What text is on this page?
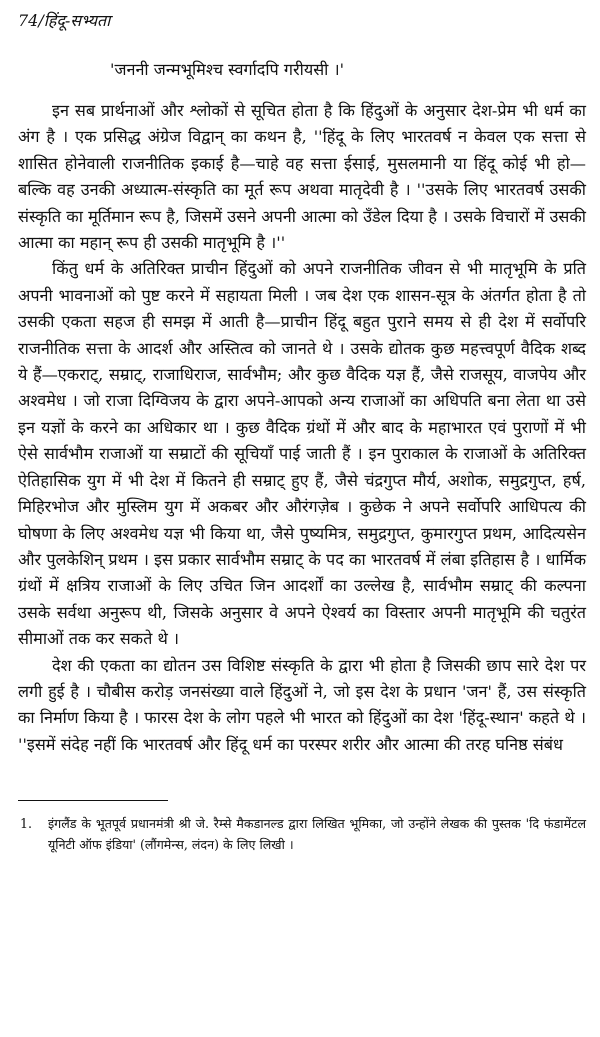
74/हिंदू-सभ्यता

'जननी जन्मभूमिश्च स्वर्गादपि गरीयसी ।'

इन सब प्रार्थनाओं और श्लोकों से सूचित होता है कि हिंदुओं के अनुसार देश-प्रेम भी धर्म का अंग है । एक प्रसिद्ध अंग्रेज विद्वान् का कथन है, ''हिंदू के लिए भारतवर्ष न केवल एक सत्ता से शासित होनेवाली राजनीतिक इकाई है—चाहे वह सत्ता ईसाई, मुसलमानी या हिंदू कोई भी हो—बल्कि वह उनकी अध्यात्म-संस्कृति का मूर्त रूप अथवा मातृदेवी है । ''उसके लिए भारतवर्ष उसकी संस्कृति का मूर्तिमान रूप है, जिसमें उसने अपनी आत्मा को उँडेल दिया है । उसके विचारों में उसकी आत्मा का महान् रूप ही उसकी मातृभूमि है ।''

किंतु धर्म के अतिरिक्त प्राचीन हिंदुओं को अपने राजनीतिक जीवन से भी मातृभूमि के प्रति अपनी भावनाओं को पुष्ट करने में सहायता मिली । जब देश एक शासन-सूत्र के अंतर्गत होता है तो उसकी एकता सहज ही समझ में आती है—प्राचीन हिंदू बहुत पुराने समय से ही देश में सर्वोपरि राजनीतिक सत्ता के आदर्श और अस्तित्व को जानते थे । उसके द्योतक कुछ महत्त्वपूर्ण वैदिक शब्द ये हैं—एकराट्, सम्राट्, राजाधिराज, सार्वभौम; और कुछ वैदिक यज्ञ हैं, जैसे राजसूय, वाजपेय और अश्वमेध । जो राजा दिग्विजय के द्वारा अपने-आपको अन्य राजाओं का अधिपति बना लेता था उसे इन यज्ञों के करने का अधिकार था । कुछ वैदिक ग्रंथों में और बाद के महाभारत एवं पुराणों में भी ऐसे सार्वभौम राजाओं या सम्राटों की सूचियाँ पाई जाती हैं । इन पुराकाल के राजाओं के अतिरिक्त ऐतिहासिक युग में भी देश में कितने ही सम्राट् हुए हैं, जैसे चंद्रगुप्त मौर्य, अशोक, समुद्रगुप्त, हर्ष, मिहिरभोज और मुस्लिम युग में अकबर और औरंगज़ेब । कुछेक ने अपने सर्वोपरि आधिपत्य की घोषणा के लिए अश्वमेध यज्ञ भी किया था, जैसे पुष्यमित्र, समुद्रगुप्त, कुमारगुप्त प्रथम, आदित्यसेन और पुलकेशिन् प्रथम । इस प्रकार सार्वभौम सम्राट् के पद का भारतवर्ष में लंबा इतिहास है । धार्मिक ग्रंथों में क्षत्रिय राजाओं के लिए उचित जिन आदर्शों का उल्लेख है, सार्वभौम सम्राट् की कल्पना उसके सर्वथा अनुरूप थी, जिसके अनुसार वे अपने ऐश्वर्य का विस्तार अपनी मातृभूमि की चतुरंत सीमाओं तक कर सकते थे ।

देश की एकता का द्योतन उस विशिष्ट संस्कृति के द्वारा भी होता है जिसकी छाप सारे देश पर लगी हुई है । चौबीस करोड़ जनसंख्या वाले हिंदुओं ने, जो इस देश के प्रधान 'जन' हैं, उस संस्कृति का निर्माण किया है । फारस देश के लोग पहले भी भारत को हिंदुओं का देश 'हिंदू-स्थान' कहते थे । ''इसमें संदेह नहीं कि भारतवर्ष और हिंदू धर्म का परस्पर शरीर और आत्मा की तरह घनिष्ठ संबंध

1. इंगलैंड के भूतपूर्व प्रधानमंत्री श्री जे. रैम्से मैकडानल्ड द्वारा लिखित भूमिका, जो उन्होंने लेखक की पुस्तक 'दि फंडामेंटल यूनिटी ऑफ इंडिया' (लौंगमेन्स, लंदन) के लिए लिखी ।
